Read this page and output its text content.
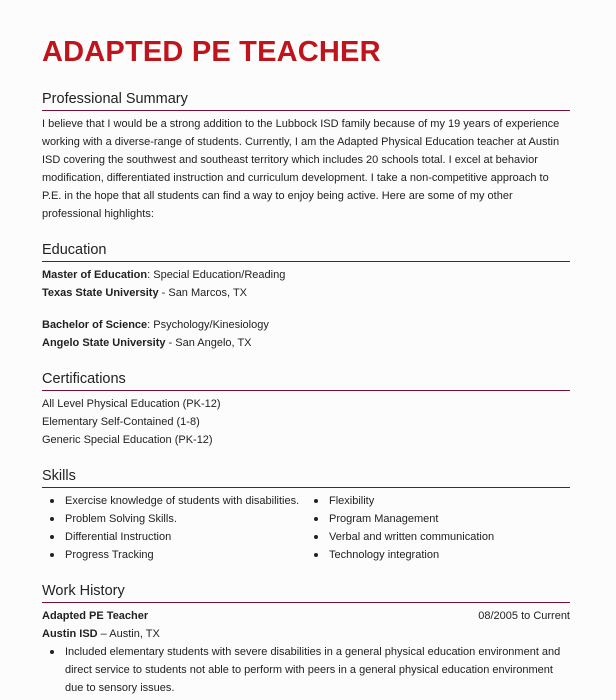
ADAPTED PE TEACHER
Professional Summary

I believe that I would be a strong addition to the Lubbock ISD family because of my 19 years of experience working with a diverse-range of students. Currently, I am the Adapted Physical Education teacher at Austin ISD covering the southwest and southeast territory which includes 20 schools total. I excel at behavior modification, differentiated instruction and curriculum development. I take a non-competitive approach to P.E. in the hope that all students can find a way to enjoy being active. Here are some of my other professional highlights:

Education
Master of Education: Special Education/Reading
Texas State University - San Marcos, TX
Bachelor of Science: Psychology/Kinesiology
Angelo State University - San Angelo, TX
Certifications
All Level Physical Education (PK-12)
Elementary Self-Contained (1-8)
Generic Special Education (PK-12)
Skills
Exercise knowledge of students with disabilities.
Problem Solving Skills.
Differential Instruction
Progress Tracking
Flexibility
Program Management
Verbal and written communication
Technology integration
Work History
Adapted PE Teacher	08/2005 to Current
Austin ISD – Austin, TX
Included elementary students with severe disabilities in a general physical education environment and direct service to students not able to perform with peers in a general physical education environment due to sensory issues.
